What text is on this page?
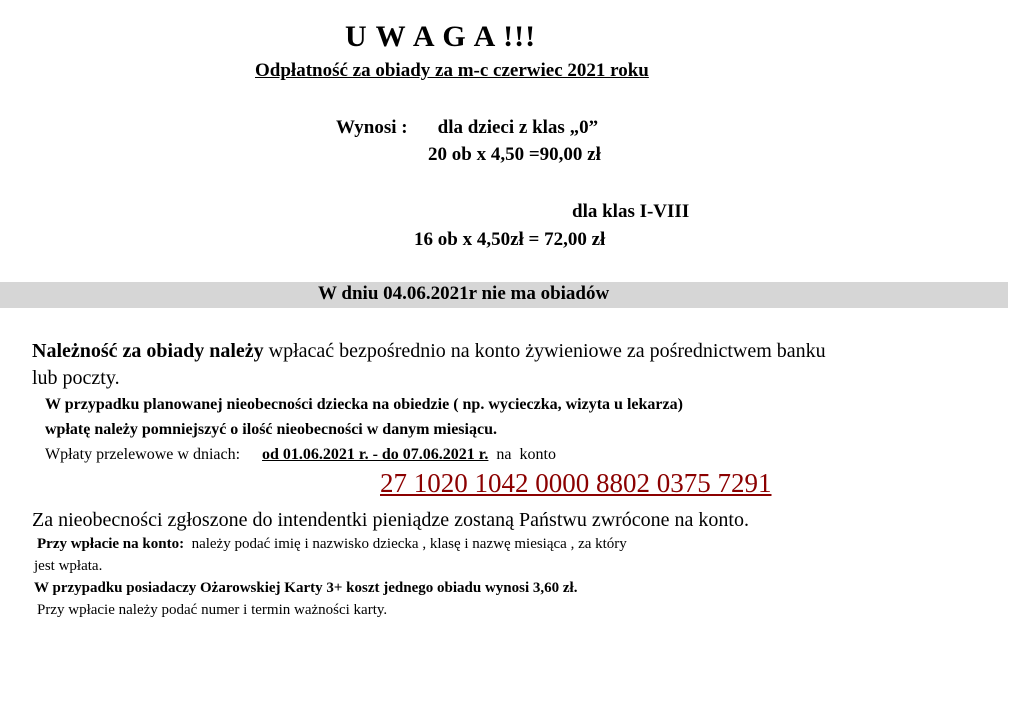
U W A G A !!!
Odpłatność za obiady za m-c czerwiec 2021 roku
Wynosi : dla dzieci z klas „0”
20 ob x 4,50 =90,00 zł
dla klas I-VIII
16 ob x 4,50zł = 72,00 zł
W dniu 04.06.2021r nie ma obiadów
Należność za obiady należy wpłacać bezpośrednio na konto żywieniowe za pośrednictwem banku
lub poczty.
W przypadku planowanej nieobecności dziecka na obiedzie ( np. wycieczka, wizyta u lekarza)
wpłatę należy pomniejszyć o ilość nieobecności w danym miesiącu.
Wpłaty przelewowe w dniach: od 01.06.2021 r. - do 07.06.2021 r.  na  konto
27 1020 1042 0000 8802 0375 7291
Za nieobecności zgłoszone do intendentki pieniądze zostaną Państwu zwrócone na konto.
Przy wpłacie na konto:  należy podać imię i nazwisko dziecka , klasę i nazwę miesiąca , za który
jest wpłata.
W przypadku posiadaczy Ożarowskiej Karty 3+ koszt jednego obiadu wynosi 3,60 zł.
Przy wpłacie należy podać numer i termin ważności karty.
